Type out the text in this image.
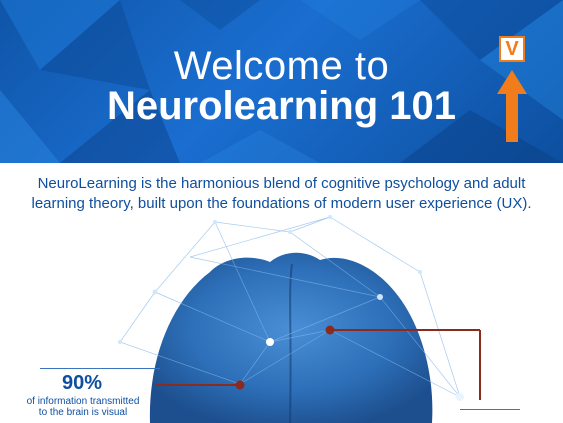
Welcome to
Neurolearning 101
V
NeuroLearning is the harmonious blend of cognitive psychology and adult
learning theory, built upon the foundations of modern user experience (UX).
90%
of information transmitted
to the brain is visual
